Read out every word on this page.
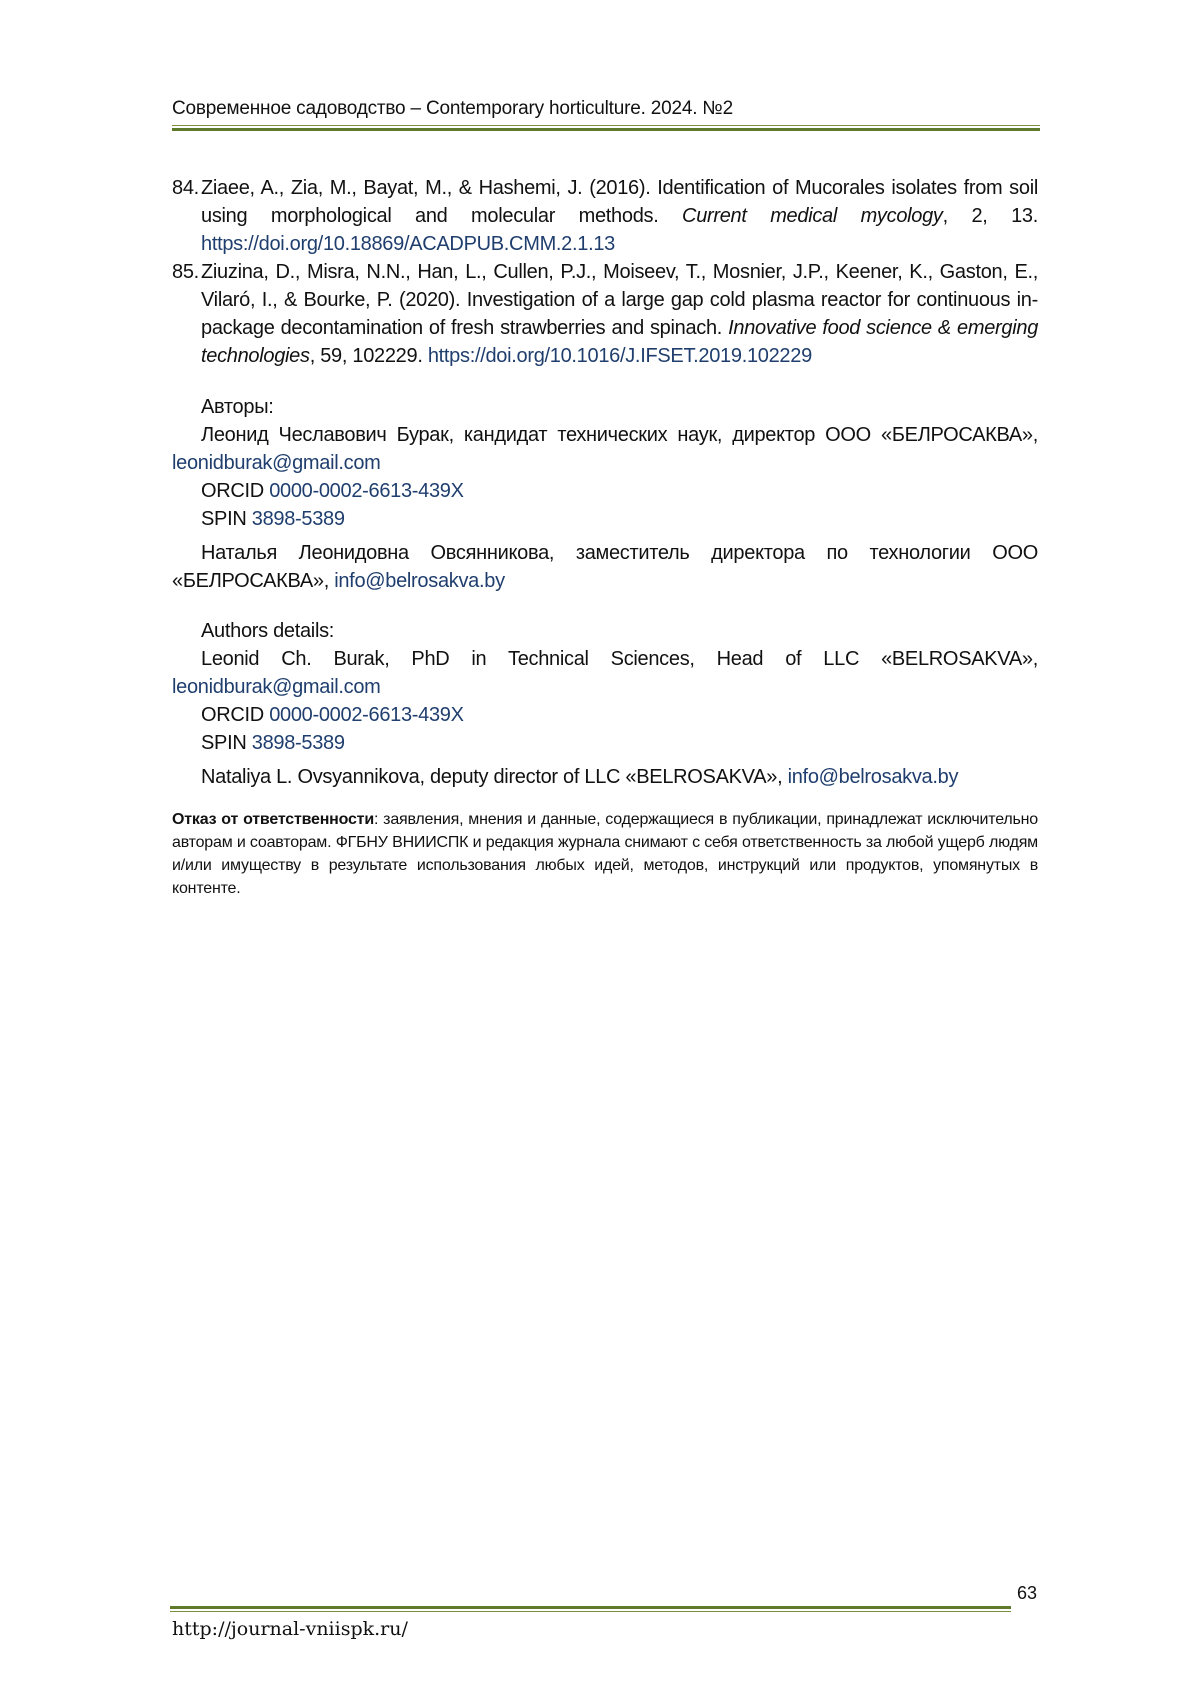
Современное садоводство – Contemporary horticulture. 2024. №2
84. Ziaee, A., Zia, M., Bayat, M., & Hashemi, J. (2016). Identification of Mucorales isolates from soil using morphological and molecular methods. Current medical mycology, 2, 13. https://doi.org/10.18869/ACADPUB.CMM.2.1.13
85. Ziuzina, D., Misra, N.N., Han, L., Cullen, P.J., Moiseev, T., Mosnier, J.P., Keener, K., Gaston, E., Vilaró, I., & Bourke, P. (2020). Investigation of a large gap cold plasma reactor for continuous in-package decontamination of fresh strawberries and spinach. Innovative food science & emerging technologies, 59, 102229. https://doi.org/10.1016/J.IFSET.2019.102229
Авторы:
Леонид Чеславович Бурак, кандидат технических наук, директор ООО «БЕЛРОСАКВА», leonidburak@gmail.com
ORCID 0000-0002-6613-439X
SPIN 3898-5389
Наталья Леонидовна Овсянникова, заместитель директора по технологии ООО «БЕЛРОСАКВА», info@belrosakva.by
Authors details:
Leonid Ch. Burak, PhD in Technical Sciences, Head of LLC «BELROSAKVA», leonidburak@gmail.com
ORCID 0000-0002-6613-439X
SPIN 3898-5389
Nataliya L. Ovsyannikova, deputy director of LLC «BELROSAKVA», info@belrosakva.by
Отказ от ответственности: заявления, мнения и данные, содержащиеся в публикации, принадлежат исключительно авторам и соавторам. ФГБНУ ВНИИСПК и редакция журнала снимают с себя ответственность за любой ущерб людям и/или имуществу в результате использования любых идей, методов, инструкций или продуктов, упомянутых в контенте.
63
http://journal-vniispk.ru/
